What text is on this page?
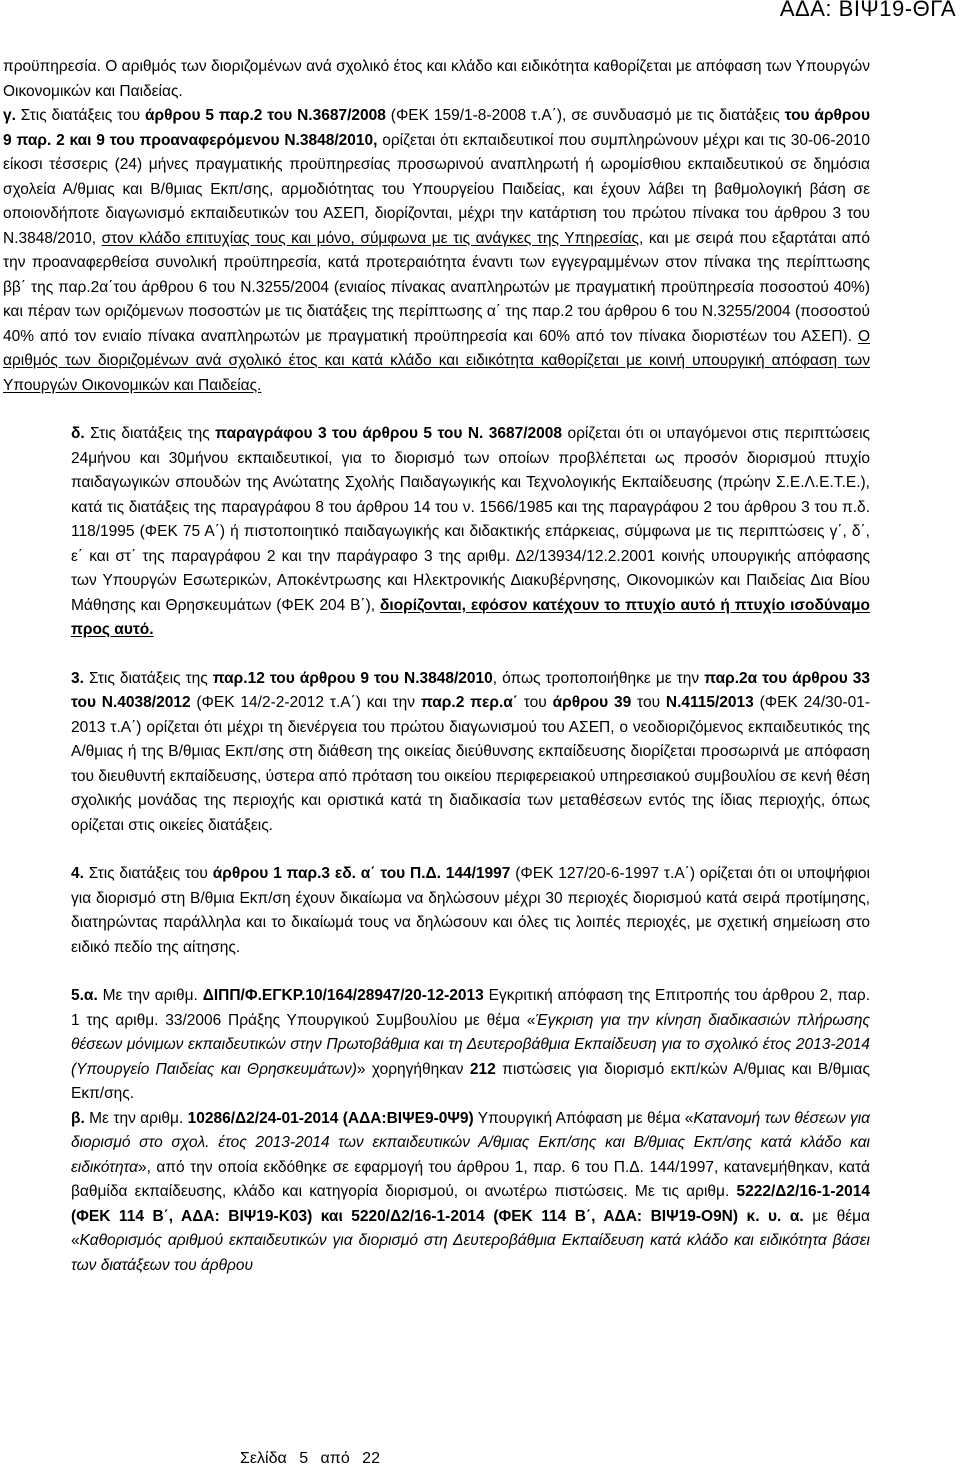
ΑΔΑ: ΒΙΨ19-ΘΓΑ

προϋπηρεσία. Ο αριθμός των διοριζομένων ανά σχολικό έτος και κλάδο και ειδικότητα καθορίζεται με απόφαση των Υπουργών Οικονομικών και Παιδείας.

γ. Στις διατάξεις του άρθρου 5 παρ.2 του Ν.3687/2008 (ΦΕΚ 159/1-8-2008 τ.Α΄), σε συνδυασμό με τις διατάξεις του άρθρου 9 παρ. 2 και 9 του προαναφερόμενου Ν.3848/2010, ορίζεται ότι εκπαιδευτικοί που συμπληρώνουν μέχρι και τις 30-06-2010 είκοσι τέσσερις (24) μήνες πραγματικής προϋπηρεσίας προσωρινού αναπληρωτή ή ωρομίσθιου εκπαιδευτικού σε δημόσια σχολεία Α/θμιας και Β/θμιας Εκπ/σης, αρμοδιότητας του Υπουργείου Παιδείας, και έχουν λάβει τη βαθμολογική βάση σε οποιονδήποτε διαγωνισμό εκπαιδευτικών του ΑΣΕΠ, διορίζονται, μέχρι την κατάρτιση του πρώτου πίνακα του άρθρου 3 του Ν.3848/2010, στον κλάδο επιτυχίας τους και μόνο, σύμφωνα με τις ανάγκες της Υπηρεσίας, και με σειρά που εξαρτάται από την προαναφερθείσα συνολική προϋπηρεσία, κατά προτεραιότητα έναντι των εγγεγραμμένων στον πίνακα της περίπτωσης ββ΄ της παρ.2α΄του άρθρου 6 του Ν.3255/2004 (ενιαίος πίνακας αναπληρωτών με πραγματική προϋπηρεσία ποσοστού 40%) και πέραν των οριζόμενων ποσοστών με τις διατάξεις της περίπτωσης α΄ της παρ.2 του άρθρου 6 του Ν.3255/2004 (ποσοστού 40% από τον ενιαίο πίνακα αναπληρωτών με πραγματική προϋπηρεσία και 60% από τον πίνακα διοριστέων του ΑΣΕΠ). Ο αριθμός των διοριζομένων ανά σχολικό έτος και κατά κλάδο και ειδικότητα καθορίζεται με κοινή υπουργική απόφαση των Υπουργών Οικονομικών και Παιδείας.

δ. Στις διατάξεις της παραγράφου 3 του άρθρου 5 του Ν. 3687/2008 ορίζεται ότι οι υπαγόμενοι στις περιπτώσεις 24μήνου και 30μήνου εκπαιδευτικοί, για το διορισμό των οποίων προβλέπεται ως προσόν διορισμού πτυχίο παιδαγωγικών σπουδών της Ανώτατης Σχολής Παιδαγωγικής και Τεχνολογικής Εκπαίδευσης (πρώην Σ.Ε.Λ.Ε.Τ.Ε.), κατά τις διατάξεις της παραγράφου 8 του άρθρου 14 του ν. 1566/1985 και της παραγράφου 2 του άρθρου 3 του π.δ. 118/1995 (ΦΕΚ 75 Α΄) ή πιστοποιητικό παιδαγωγικής και διδακτικής επάρκειας, σύμφωνα με τις περιπτώσεις γ΄, δ΄, ε΄ και στ΄ της παραγράφου 2 και την παράγραφο 3 της αριθμ. Δ2/13934/12.2.2001 κοινής υπουργικής απόφασης των Υπουργών Εσωτερικών, Αποκέντρωσης και Ηλεκτρονικής Διακυβέρνησης, Οικονομικών και Παιδείας Δια Βίου Μάθησης και Θρησκευμάτων (ΦΕΚ 204 Β΄), διορίζονται, εφόσον κατέχουν το πτυχίο αυτό ή πτυχίο ισοδύναμο προς αυτό.

3. Στις διατάξεις της παρ.12 του άρθρου 9 του Ν.3848/2010, όπως τροποποιήθηκε με την παρ.2α του άρθρου 33 του Ν.4038/2012 (ΦΕΚ 14/2-2-2012 τ.Α΄) και την παρ.2 περ.α΄ του άρθρου 39 του Ν.4115/2013 (ΦΕΚ 24/30-01-2013 τ.Α΄) ορίζεται ότι μέχρι τη διενέργεια του πρώτου διαγωνισμού του ΑΣΕΠ, ο νεοδιοριζόμενος εκπαιδευτικός της Α/θμιας ή της Β/θμιας Εκπ/σης στη διάθεση της οικείας διεύθυνσης εκπαίδευσης διορίζεται προσωρινά με απόφαση του διευθυντή εκπαίδευσης, ύστερα από πρόταση του οικείου περιφερειακού υπηρεσιακού συμβουλίου σε κενή θέση σχολικής μονάδας της περιοχής και οριστικά κατά τη διαδικασία των μεταθέσεων εντός της ίδιας περιοχής, όπως ορίζεται στις οικείες διατάξεις.

4. Στις διατάξεις του άρθρου 1 παρ.3 εδ. α΄ του Π.Δ. 144/1997 (ΦΕΚ 127/20-6-1997 τ.Α΄) ορίζεται ότι οι υποψήφιοι για διορισμό στη Β/θμια Εκπ/ση έχουν δικαίωμα να δηλώσουν μέχρι 30 περιοχές διορισμού κατά σειρά προτίμησης, διατηρώντας παράλληλα και το δικαίωμά τους να δηλώσουν και όλες τις λοιπές περιοχές, με σχετική σημείωση στο ειδικό πεδίο της αίτησης.

5.α. Με την αριθμ. ΔΙΠΠ/Φ.ΕΓΚΡ.10/164/28947/20-12-2013 Εγκριτική απόφαση της Επιτροπής του άρθρου 2, παρ. 1 της αριθμ. 33/2006 Πράξης Υπουργικού Συμβουλίου με θέμα «Έγκριση για την κίνηση διαδικασιών πλήρωσης θέσεων μόνιμων εκπαιδευτικών στην Πρωτοβάθμια και τη Δευτεροβάθμια Εκπαίδευση για το σχολικό έτος 2013-2014 (Υπουργείο Παιδείας και Θρησκευμάτων)» χορηγήθηκαν 212 πιστώσεις για διορισμό εκπ/κών Α/θμιας και Β/θμιας Εκπ/σης.

β. Με την αριθμ. 10286/Δ2/24-01-2014 (ΑΔΑ:ΒΙΨΕ9-0Ψ9) Υπουργική Απόφαση με θέμα «Κατανομή των θέσεων για διορισμό στο σχολ. έτος 2013-2014 των εκπαιδευτικών Α/θμιας Εκπ/σης και Β/θμιας Εκπ/σης κατά κλάδο και ειδικότητα», από την οποία εκδόθηκε σε εφαρμογή του άρθρου 1, παρ. 6 του Π.Δ. 144/1997, κατανεμήθηκαν, κατά βαθμίδα εκπαίδευσης, κλάδο και κατηγορία διορισμού, οι ανωτέρω πιστώσεις. Με τις αριθμ. 5222/Δ2/16-1-2014 (ΦΕΚ 114 Β΄, ΑΔΑ: ΒΙΨ19-Κ03) και 5220/Δ2/16-1-2014 (ΦΕΚ 114 Β΄, ΑΔΑ: ΒΙΨ19-Ο9Ν) κ. υ. α. με θέμα «Καθορισμός αριθμού εκπαιδευτικών για διορισμό στη Δευτεροβάθμια Εκπαίδευση κατά κλάδο και ειδικότητα βάσει των διατάξεων του άρθρου

Σελίδα 5 από 22
